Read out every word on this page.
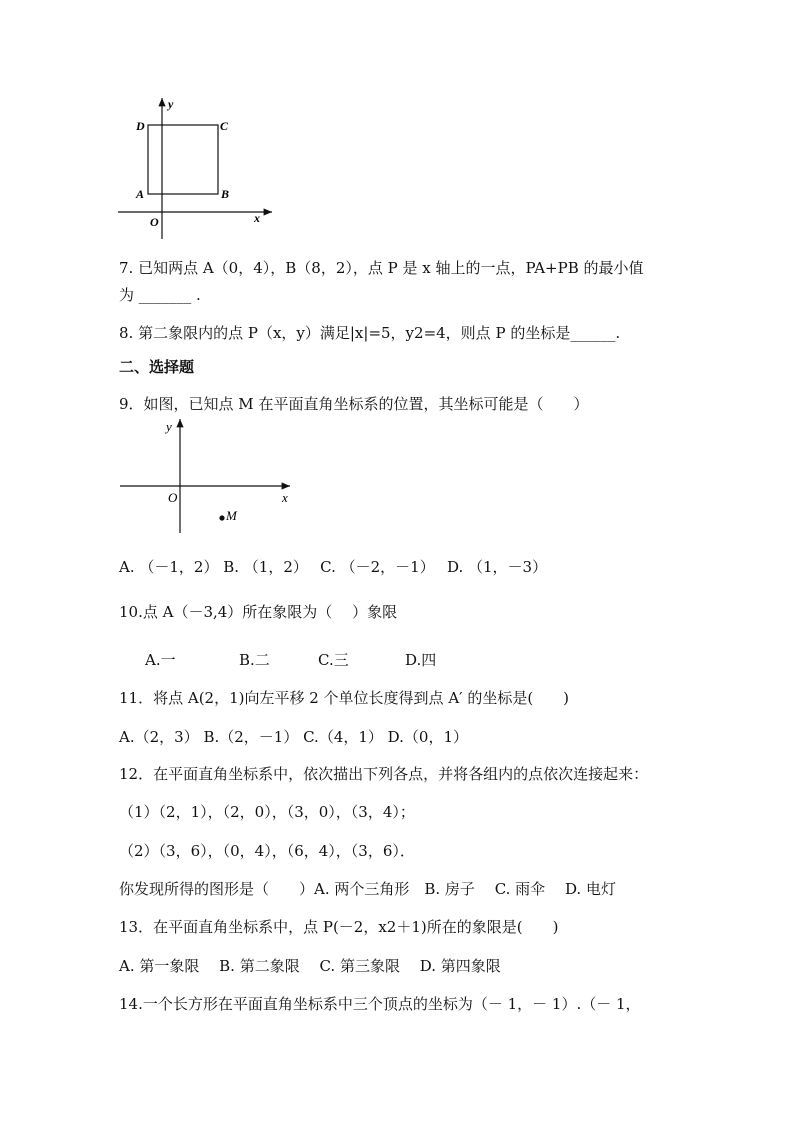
y
x
O
A	B
C
D
7. 已知两点 A（0，4），B（8，2），点 P 是 x 轴上的一点，PA+PB 的最小值
为 _______ .
8. 第二象限内的点 P（x，y）满足|x|=5，y2=4，则点 P 的坐标是______.
二、选择题
9．如图，已知点 M 在平面直角坐标系的位置，其坐标可能是（　　）
y
x
O
M
A. （－1，2） B. （1，2）　 C. （－2，－1）　 D. （1，－3）
10.点 A（－3,4）所在象限为（　 ）象限
A.一	B.二	C.三	D.四
11．将点 A(2，1)向左平移 2 个单位长度得到点 A′ 的坐标是(　　)
A.（2，3） B.（2，－1） C.（4，1） D.（0，1）
12．在平面直角坐标系中，依次描出下列各点，并将各组内的点依次连接起来：
（1）（2，1），（2，0），（3，0），（3，4）；
（2）（3，6），（0，4），（6，4），（3，6）．
你发现所得的图形是（　　）A. 两个三角形　B. 房子　 C. 雨伞　 D. 电灯
13．在平面直角坐标系中，点 P(－2，x2＋1)所在的象限是(　　)
A. 第一象限　 B. 第二象限　 C. 第三象限　 D. 第四象限
14.一个长方形在平面直角坐标系中三个顶点的坐标为（－ 1，－ 1）.（－ 1，
